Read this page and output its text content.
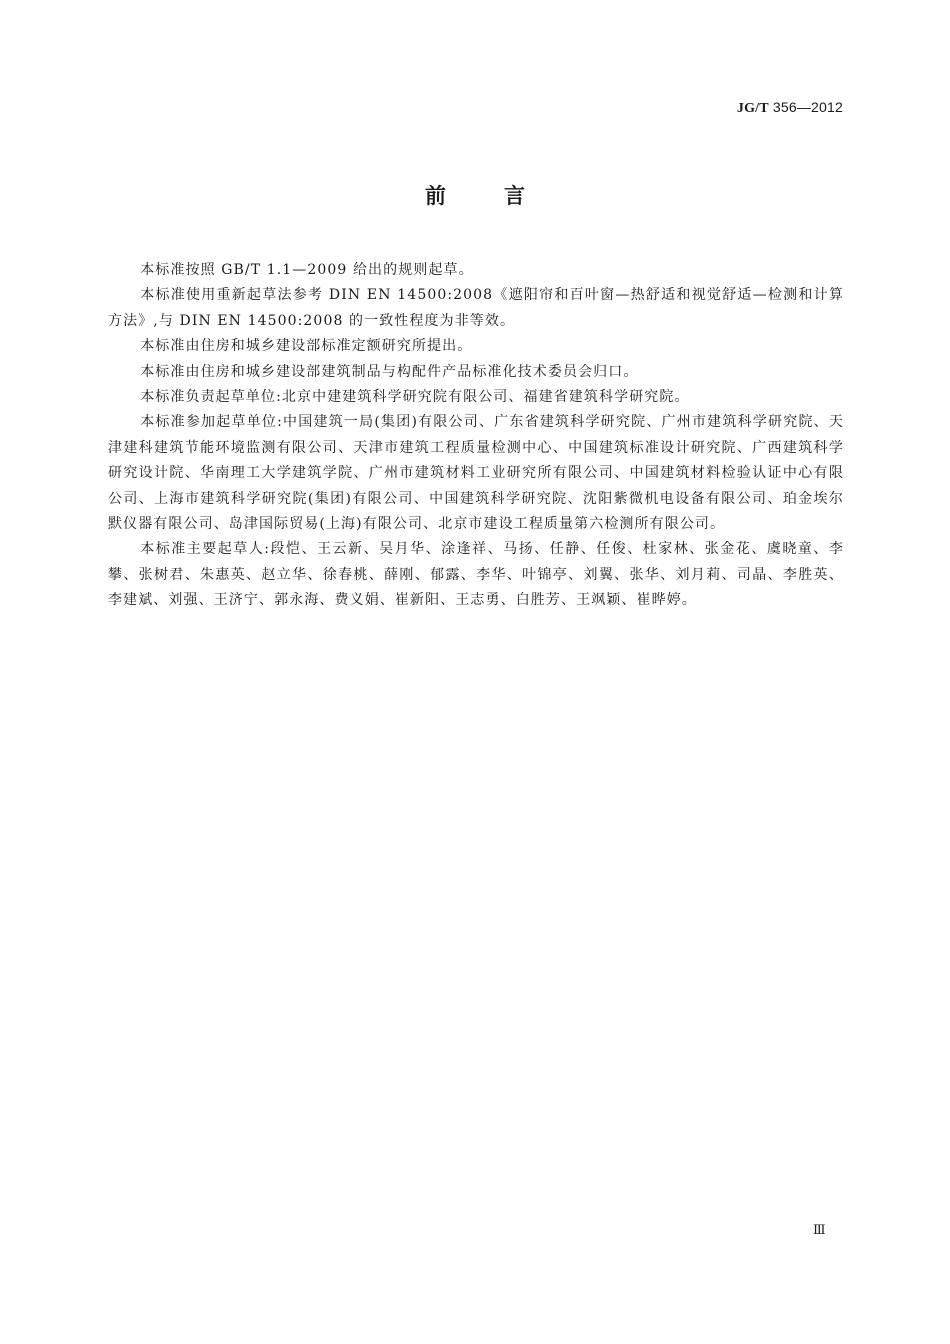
JG/T 356—2012
前言

本标准按照 GB/T 1.1—2009 给出的规则起草。

本标准使用重新起草法参考 DIN EN 14500:2008《遮阳帘和百叶窗—热舒适和视觉舒适—检测和计算方法》,与 DIN EN 14500:2008 的一致性程度为非等效。

本标准由住房和城乡建设部标准定额研究所提出。

本标准由住房和城乡建设部建筑制品与构配件产品标准化技术委员会归口。

本标准负责起草单位:北京中建建筑科学研究院有限公司、福建省建筑科学研究院。

本标准参加起草单位:中国建筑一局(集团)有限公司、广东省建筑科学研究院、广州市建筑科学研究院、天津建科建筑节能环境监测有限公司、天津市建筑工程质量检测中心、中国建筑标准设计研究院、广西建筑科学研究设计院、华南理工大学建筑学院、广州市建筑材料工业研究所有限公司、中国建筑材料检验认证中心有限公司、上海市建筑科学研究院(集团)有限公司、中国建筑科学研究院、沈阳紫微机电设备有限公司、珀金埃尔默仪器有限公司、岛津国际贸易(上海)有限公司、北京市建设工程质量第六检测所有限公司。

本标准主要起草人:段恺、王云新、吴月华、涂逢祥、马扬、任静、任俊、杜家林、张金花、虞晓童、李攀、张树君、朱惠英、赵立华、徐春桃、薛刚、郁露、李华、叶锦亭、刘翼、张华、刘月莉、司晶、李胜英、李建斌、刘强、王济宁、郭永海、费义娟、崔新阳、王志勇、白胜芳、王飒颖、崔晔婷。

Ⅲ
